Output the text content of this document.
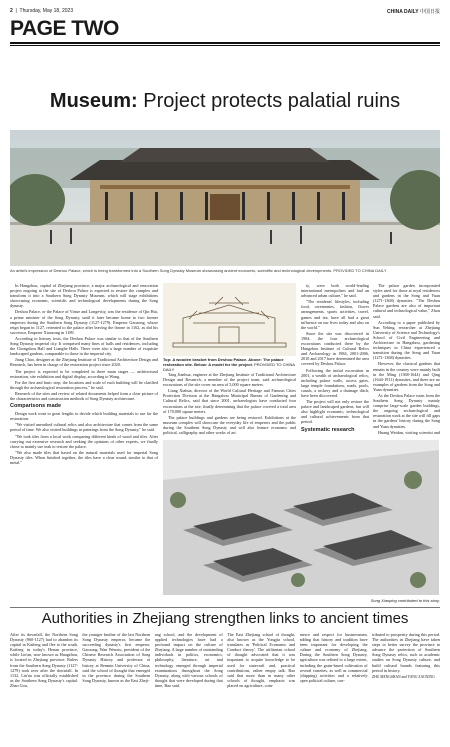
2  |  Thursday, May 18, 2023	CHINA DAILY 中国日报
PAGE TWO
Museum: Project protects palatial ruins
An artist's impression of Deshou Palace, which is being transformed into a Southern Song Dynasty Museum showcasing ancient economic, scientific and technological developments. PROVIDED TO CHINA DAILY

In Hangzhou, capital of Zhejiang province, a major archaeological and renovation project ongoing at the site of Deshou Palace is expected to restore the complex and transform it into a Southern Song Dynasty Museum, which will stage exhibitions showcasing economic, scientific and technological developments during the Song dynasty.

Deshou Palace, or the Palace of Virtue and Longevity, was the residence of Qin Hui, a prime minister of the Song Dynasty, until it later became home to two former emperors during the Southern Song Dynasty (1127-1279). Emperor Gaozong, whose reign began in 1127, retreated to the palace after leaving the throne in 1162, as did his successor, Emperor Xiaozong in 1189.

According to literary texts, the Deshou Palace was similar to that of the Southern Song Dynasty imperial city. It comprised many lines of halls and residences, including the Chongshou Hall and Lianghe Halls. There were also a large number of exquisite landscaped gardens, comparable to those in the imperial city.

Jiang Chao, designer at the Zhejiang Institute of Traditional Architecture Design and Research, has been in charge of the restoration project since 2020.

The project is expected to be completed in three main stages — architectural restoration, site exhibition and digital display, according to Wang.

For the first and basic step, the locations and scale of each building will be clarified through the archaeological restoration process," he said.

Research of the sites and review of related documents helped form a clear picture of the characteristics and construction methods of Song Dynasty architecture.

Comparisons made

Design work went to great lengths to decide which building materials to use for the restoration.

"We visited unearthed cultural relics and also architecture that comes from the same period of time. We also visited buildings in paintings from the Song Dynasty," he said.

"We took tiles from a local work comparing different kinds of wood and tiles. After carrying out extensive research and seeking the opinions of other experts, we finally chose to mainly use teak to restore the palace.

"We also made tiles that based on the natural materials used for imperial Song Dynasty tiles. When finished together, the tiles have a clear sound, similar to that of metal."

Top: A wooden bracket from Deshou Palace. Above: The palace restoration site. Below: A model for the project. PROVIDED TO CHINA DAILY

Tang Jianhua, engineer at the Zhejiang Institute of Traditional Architecture Design and Research, a member of the project team, said archaeological excavations of the site cover an area of 5,000 square meters.

Liang Xiahua, director of the World Cultural Heritage and Famous Cities Protection Division at the Hangzhou Municipal Bureau of Gardening and Cultural Relics, said that since 2001, archaeologists have conducted four excavations at the site, finally determining that the palace covered a total area of 170,000 square meters.

The palace buildings and gardens are being restored. Exhibitions at the museum complex will showcase the everyday life of emperors and the public during the Southern Song Dynasty and will also feature economic and political, calligraphy and other works of art.

ty, were both world-leading international metropolises and had an advanced urban culture," he said.

"The residents' lifestyles, including food, ceremonies, fashion, flower arrangements, sports activities, travel, games and tea, have all had a great influence on our lives today and also on the world."

Since the site was discovered in 1984, the four archaeological excavations conducted there by the Hangzhou Institute of Cultural Relics and Archaeology in 1984, 2001-2006, 2010 and 2017 have determined the area covered by Deshou Palace.

Following the initial excavation in 2001, a wealth of archaeological relics, including palace walls, access gates, large temple foundations, roads, pools, canals, a rockery and a drainage ditch, have been discovered.

The project will not only restore the palace and landscaped gardens, but will also highlight economic, technological and cultural achievements from that period.

Systematic research

The palace garden incorporated styles used for those at royal residences and gardens in the Song and Yuan (1271-1368) dynasties. "The Deshou Palace gardens are also of important cultural and technological value," Zhou said.

According to a paper published by Sun Yebing, researcher at Zhejiang University of Science and Technology's School of Civil Engineering and Architecture in Hangzhou, gardening techniques in China experienced a transition during the Song and Yuan (1271-1368) dynasties.

However, the classical gardens that remain in the country were mainly built in the Ming (1368-1644) and Qing (1644-1911) dynasties, and there are no examples of gardens from the Song and Yuan dynasties.

As the Deshou Palace ruins from the Southern Song Dynasty mainly comprise large-scale garden buildings, the ongoing archaeological and restoration work at the site will fill gaps in the gardens' history during the Song and Yuan dynasties.

Huang Weidan, visiting scientist and

Song Xiaoping contributed to this story.
Authorities in Zhejiang strengthen links to ancient times

After its downfall, the Northern Song Dynasty (960-1127) had to abandon its capital in Kaifeng and flee to the south. Kaifeng in today's Henan province, while Lin'an, now known as Hangzhou, is located in Zhejiang province. Rulers from the Southern Song Dynasty (1127-1279) took over after the downfall. In 1132, Lin'an was officially established as the Southern Song Dynasty's capital. Zhao Gou,

the younger brother of the last Northern Song Dynasty emperor, became the succeeding dynasty's first emperor, Gaozong. Wan Wenxiu, president of the Chinese Research Association of Song Dynasty History and professor of history at Renmin University of China, said the school of thought that emerged in the province during the Southern Song Dynasty, known as the East Zheji-

ang school, and the development of applied technologies have had a profound impact on the culture of Zhejiang. A large number of outstanding individuals in politics, economics, philosophy, literature, art and technology emerged through imperial examinations throughout the Song Dynasty, along with various schools of thought that were developed during that time, Bao said.

The East Zhejiang school of thought, also known as the Yongjia school, translates as 'Political Economic and Conduct theory'. The utilitarian school of thought advocated that it was important to acquire knowledge to be used for statecraft and, practical contributions, rather empty talk. Bao said that more than in many other schools of thought, emphasis was placed on agriculture, com-

merce and respect for businessmen, adding that history and tradition have been important for developing the culture and economy of Zhejiang. During the Southern Song Dynasty, agriculture was refined to a large extent, including the grain-based cultivation of several varieties, as well as commercial (shipping) activities and a relatively open political culture, con-

tributed to prosperity during this period. The authorities in Zhejiang have taken steps to better survey the province to advance the protection of Southern Song Dynasty relics, such as academic studies on Song Dynasty culture, and build cultural brands featuring this period in history.

ZHU MENGSHAN and YANG ZAOXING
